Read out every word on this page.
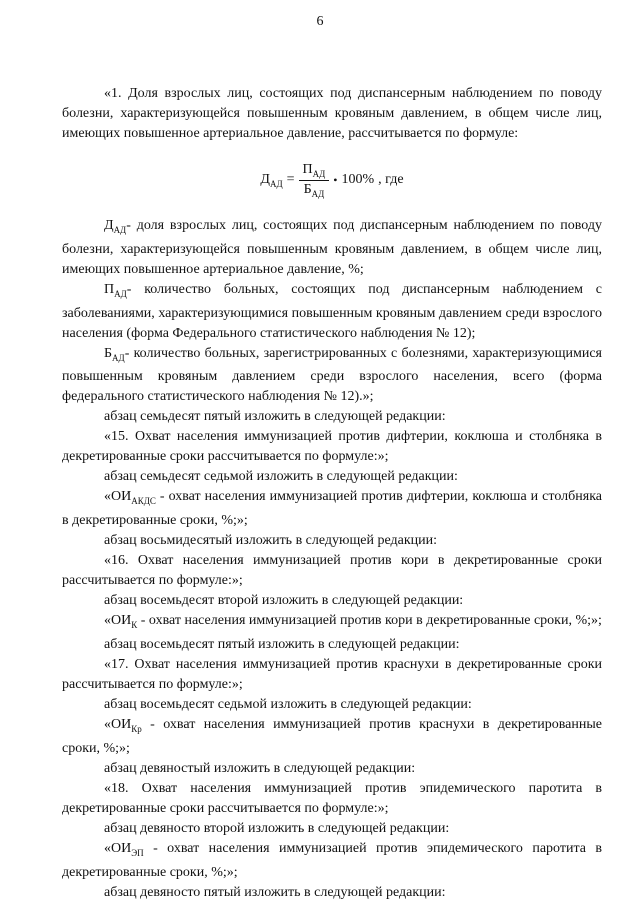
6

«1. Доля взрослых лиц, состоящих под диспансерным наблюдением по поводу болезни, характеризующейся повышенным кровяным давлением, в общем числе лиц, имеющих повышенное артериальное давление, рассчитывается по формуле:

$Д_{АД} = \frac{П_{АД}}{Б_{АД}}$ • 100% , где

$Д_{АД}-$ доля взрослых лиц, состоящих под диспансерным наблюдением по поводу болезни, характеризующейся повышенным кровяным давлением, в общем числе лиц, имеющих повышенное артериальное давление, %;

$П_{АД}-$ количество больных, состоящих под диспансерным наблюдением с заболеваниями, характеризующимися повышенным кровяным давлением среди взрослого населения (форма Федерального статистического наблюдения № 12);

$Б_{АД}-$ количество больных, зарегистрированных с болезнями, характеризующимися повышенным кровяным давлением среди взрослого населения, всего (форма федерального статистического наблюдения № 12).»;

абзац семьдесят пятый изложить в следующей редакции:

«15. Охват населения иммунизацией против дифтерии, коклюша и столбняка в декретированные сроки рассчитывается по формуле:»;

абзац семьдесят седьмой изложить в следующей редакции:

«$ОИ_{АКДС}$ - охват населения иммунизацией против дифтерии, коклюша и столбняка в декретированные сроки, %;»;

абзац восьмидесятый изложить в следующей редакции:

«16. Охват населения иммунизацией против кори в декретированные сроки рассчитывается по формуле:»;

абзац восемьдесят второй изложить в следующей редакции:

«$ОИ_К$ - охват населения иммунизацией против кори в декретированные сроки, %;»;

абзац восемьдесят пятый изложить в следующей редакции:

«17. Охват населения иммунизацией против краснухи в декретированные сроки рассчитывается по формуле:»;

абзац восемьдесят седьмой изложить в следующей редакции:

«$ОИ_{Кр}$ - охват населения иммунизацией против краснухи в декретированные сроки, %;»;

абзац девяностый изложить в следующей редакции:

«18. Охват населения иммунизацией против эпидемического паротита в декретированные сроки рассчитывается по формуле:»;

абзац девяносто второй изложить в следующей редакции:

«$ОИ_{ЭП}$ - охват населения иммунизацией против эпидемического паротита в декретированные сроки, %;»;

абзац девяносто пятый изложить в следующей редакции:
